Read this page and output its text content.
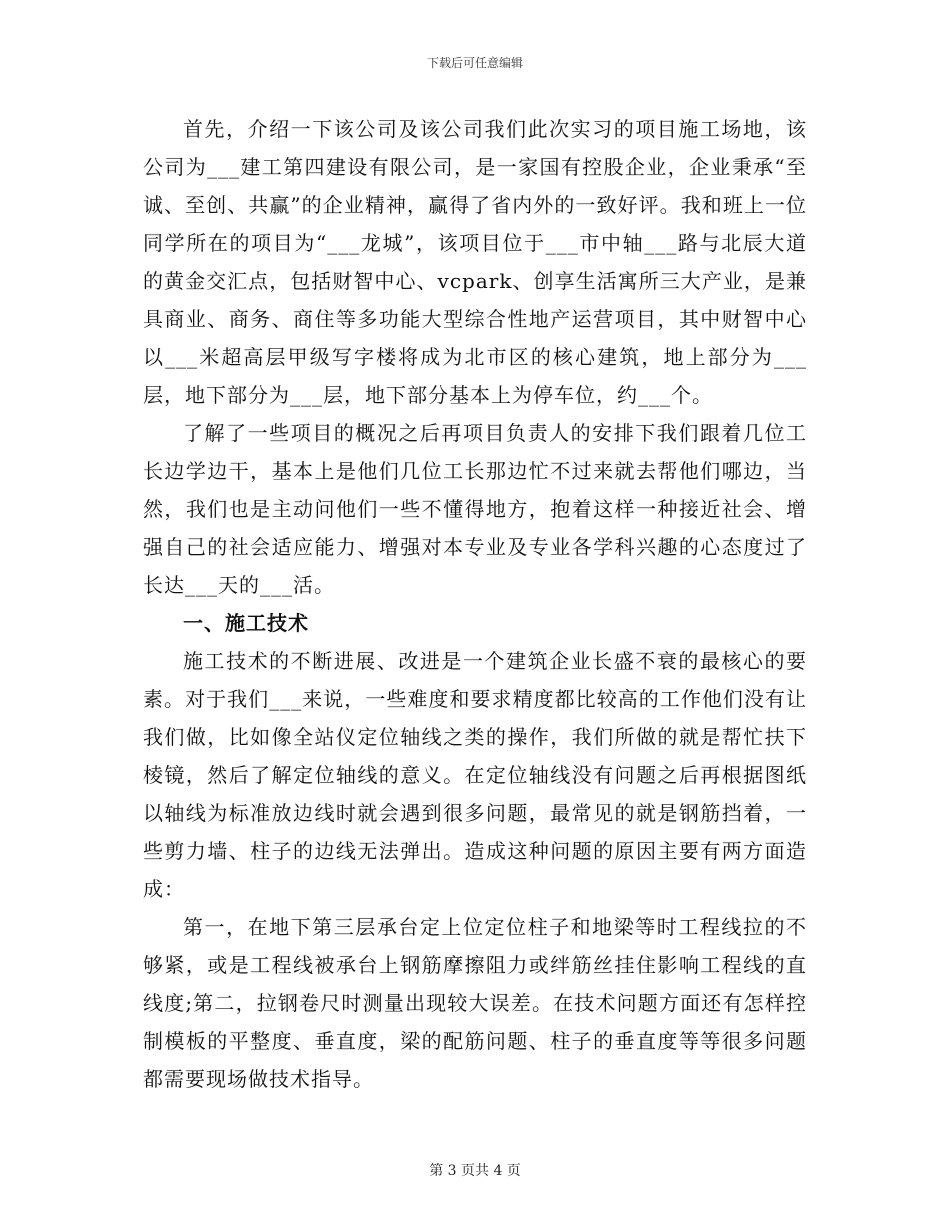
下载后可任意编辑

首先，介绍一下该公司及该公司我们此次实习的项目施工场地，该公司为___建工第四建设有限公司，是一家国有控股企业，企业秉承“至诚、至创、共赢”的企业精神，赢得了省内外的一致好评。我和班上一位同学所在的项目为“___龙城”，该项目位于___市中轴___路与北辰大道的黄金交汇点，包括财智中心、vcpark、创享生活寓所三大产业，是兼具商业、商务、商住等多功能大型综合性地产运营项目，其中财智中心以___米超高层甲级写字楼将成为北市区的核心建筑，地上部分为___层，地下部分为___层，地下部分基本上为停车位，约___个。

了解了一些项目的概况之后再项目负责人的安排下我们跟着几位工长边学边干，基本上是他们几位工长那边忙不过来就去帮他们哪边，当然，我们也是主动问他们一些不懂得地方，抱着这样一种接近社会、增强自己的社会适应能力、增强对本专业及专业各学科兴趣的心态度过了长达___天的___活。

一、施工技术

施工技术的不断进展、改进是一个建筑企业长盛不衰的最核心的要素。对于我们___来说，一些难度和要求精度都比较高的工作他们没有让我们做，比如像全站仪定位轴线之类的操作，我们所做的就是帮忙扶下棱镜，然后了解定位轴线的意义。在定位轴线没有问题之后再根据图纸以轴线为标准放边线时就会遇到很多问题，最常见的就是钢筋挡着，一些剪力墙、柱子的边线无法弹出。造成这种问题的原因主要有两方面造成：

第一，在地下第三层承台定上位定位柱子和地梁等时工程线拉的不够紧，或是工程线被承台上钢筋摩擦阻力或绊筋丝挂住影响工程线的直线度;第二，拉钢卷尺时测量出现较大误差。在技术问题方面还有怎样控制模板的平整度、垂直度，梁的配筋问题、柱子的垂直度等等很多问题都需要现场做技术指导。

第 3 页共 4 页
